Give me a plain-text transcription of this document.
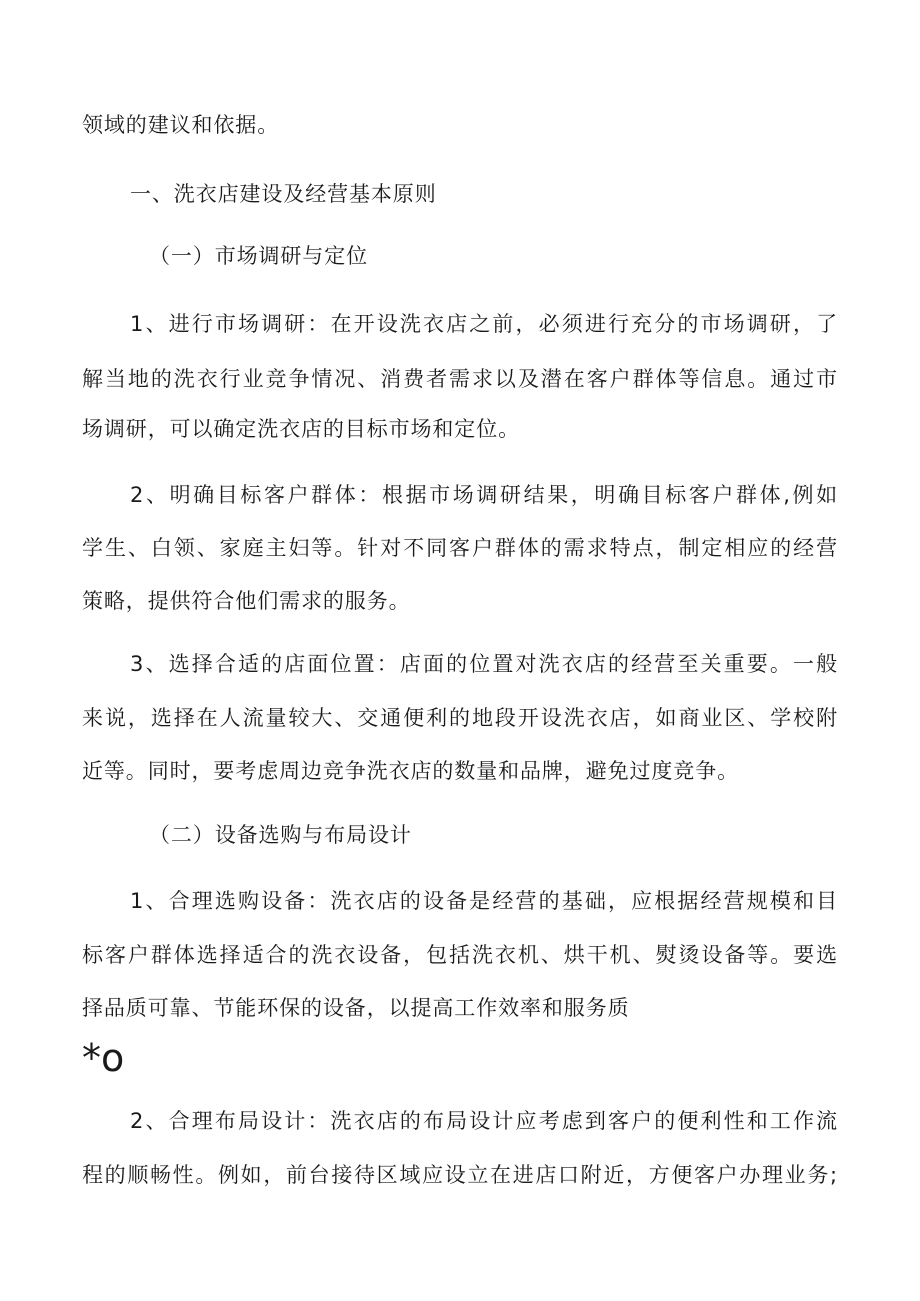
领域的建议和依据。
一、洗衣店建设及经营基本原则
（一）市场调研与定位
1、进行市场调研：在开设洗衣店之前，必须进行充分的市场调研，了
解当地的洗衣行业竞争情况、消费者需求以及潜在客户群体等信息。通过市
场调研，可以确定洗衣店的目标市场和定位。
2、明确目标客户群体：根据市场调研结果，明确目标客户群体,例如
学生、白领、家庭主妇等。针对不同客户群体的需求特点，制定相应的经营
策略，提供符合他们需求的服务。
3、选择合适的店面位置：店面的位置对洗衣店的经营至关重要。一般
来说，选择在人流量较大、交通便利的地段开设洗衣店，如商业区、学校附
近等。同时，要考虑周边竞争洗衣店的数量和品牌，避免过度竞争。
（二）设备选购与布局设计
1、合理选购设备：洗衣店的设备是经营的基础，应根据经营规模和目
标客户群体选择适合的洗衣设备，包括洗衣机、烘干机、熨烫设备等。要选
择品质可靠、节能环保的设备，以提高工作效率和服务质
*o
2、合理布局设计：洗衣店的布局设计应考虑到客户的便利性和工作流
程的顺畅性。例如，前台接待区域应设立在进店口附近，方便客户办理业务;
